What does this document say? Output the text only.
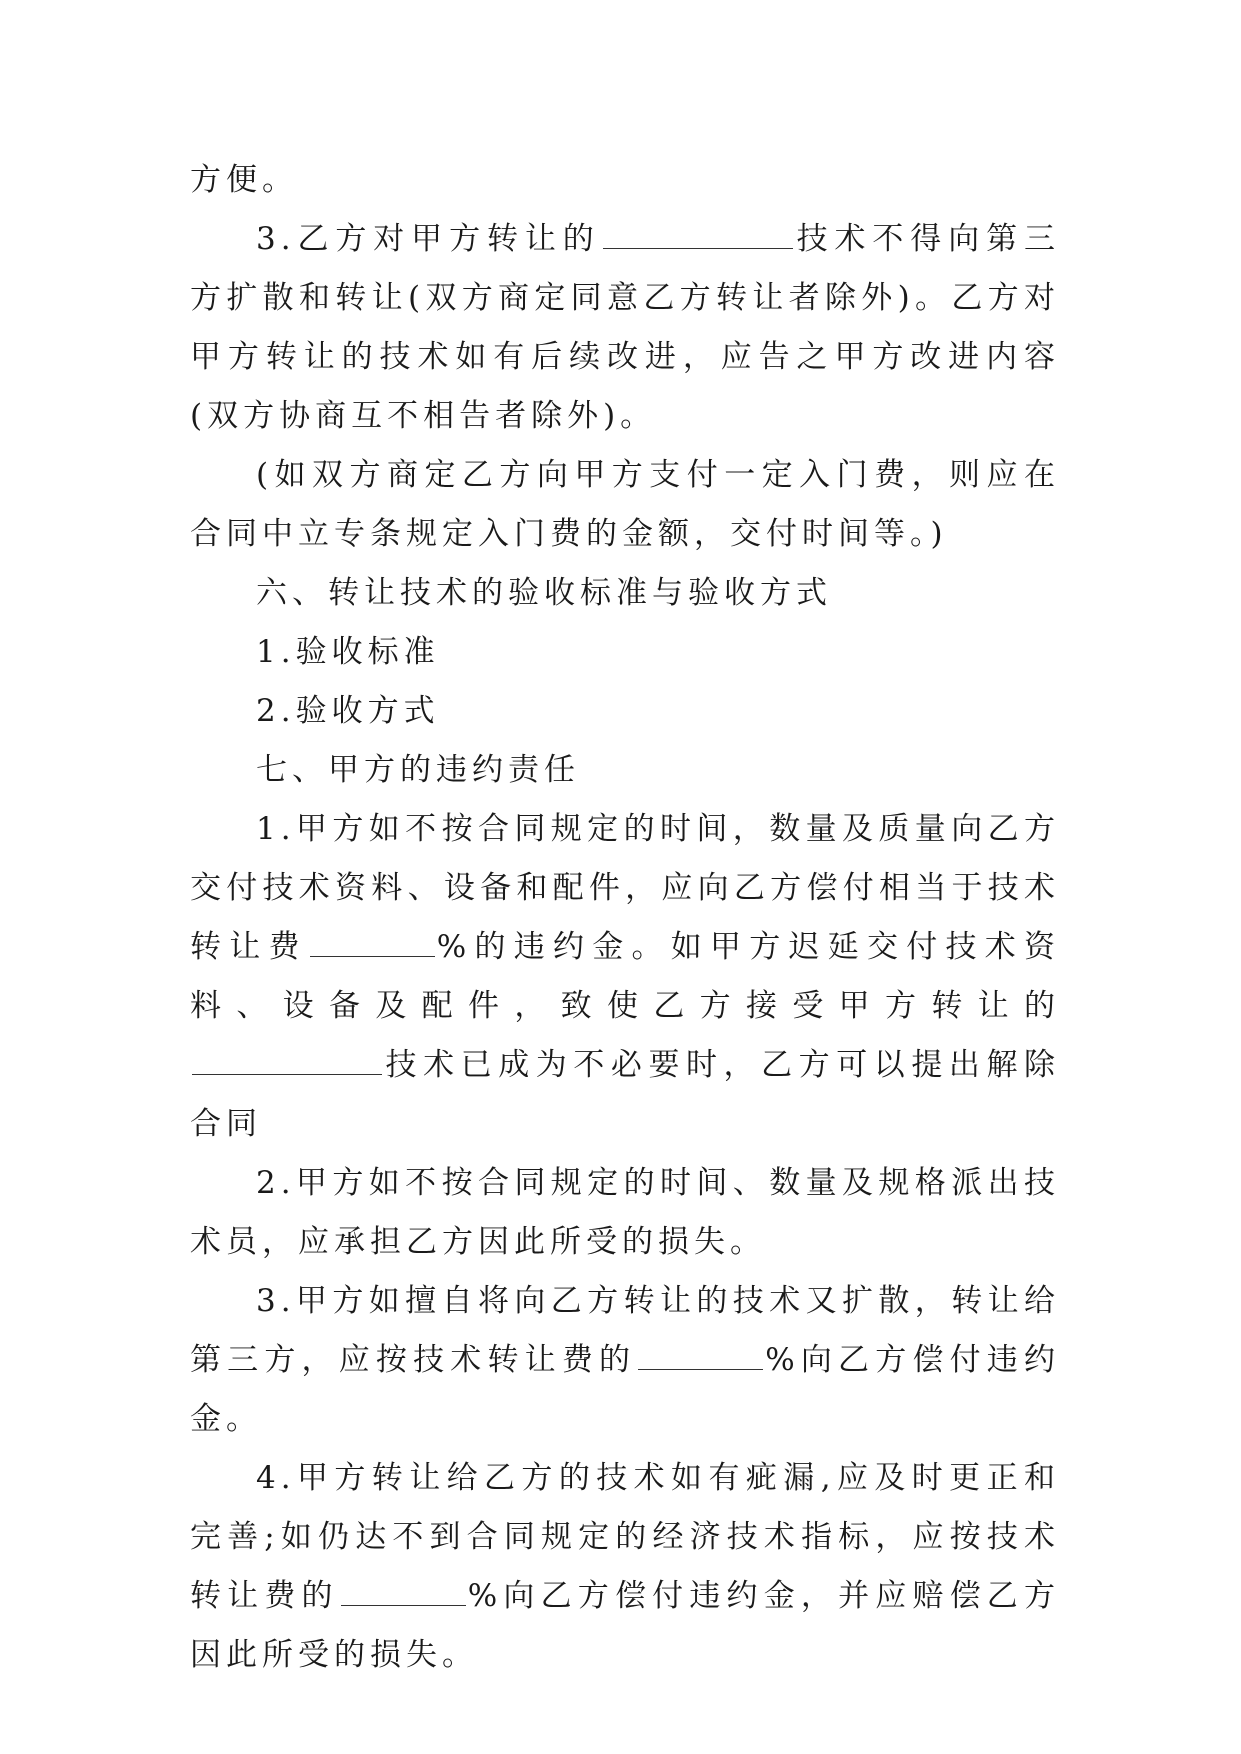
方便。

3.乙方对甲方转让的	技术不得向第三方扩散和转让(双方商定同意乙方转让者除外)。乙方对甲方转让的技术如有后续改进，应告之甲方改进内容(双方协商互不相告者除外)。

(如双方商定乙方向甲方支付一定入门费，则应在合同中立专条规定入门费的金额，交付时间等。)

六、转让技术的验收标准与验收方式

1.验收标准

2.验收方式

七、甲方的违约责任

1.甲方如不按合同规定的时间，数量及质量向乙方交付技术资料、设备和配件，应向乙方偿付相当于技术转让费	%的违约金。如甲方迟延交付技术资料、设备及配件，致使乙方接受甲方转让的技术已成为不必要时，乙方可以提出解除合同

2.甲方如不按合同规定的时间、数量及规格派出技术员，应承担乙方因此所受的损失。

3.甲方如擅自将向乙方转让的技术又扩散，转让给第三方，应按技术转让费的	%向乙方偿付违约金。

4.甲方转让给乙方的技术如有疵漏,应及时更正和完善;如仍达不到合同规定的经济技术指标，应按技术转让费的	%向乙方偿付违约金，并应赔偿乙方因此所受的损失。
